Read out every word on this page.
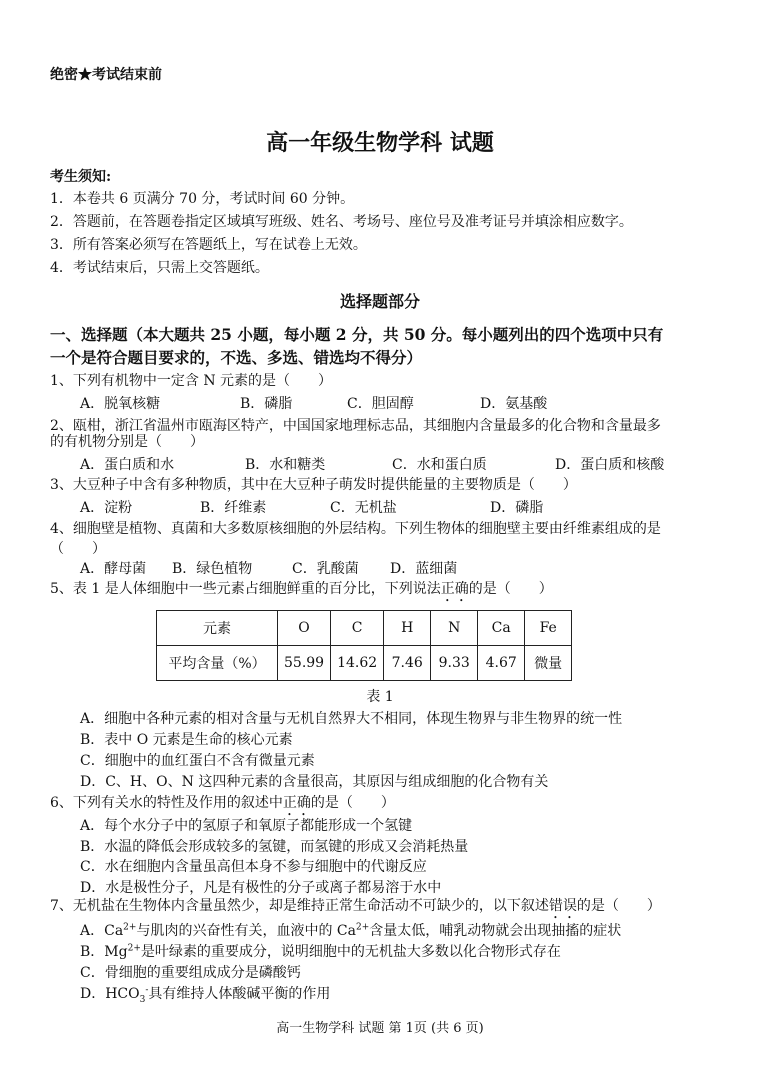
绝密★考试结束前
高一年级生物学科 试题
考生须知:
1．本卷共 6 页满分 70 分，考试时间 60 分钟。
2．答题前，在答题卷指定区域填写班级、姓名、考场号、座位号及准考证号并填涂相应数字。
3．所有答案必须写在答题纸上，写在试卷上无效。
4．考试结束后，只需上交答题纸。
选择题部分
一、选择题（本大题共 25 小题，每小题 2 分，共 50 分。每小题列出的四个选项中只有
一个是符合题目要求的，不选、多选、错选均不得分）
1、下列有机物中一定含 N 元素的是（　　）
A．脱氧核糖	B．磷脂	C．胆固醇	D．氨基酸
2、瓯柑，浙江省温州市瓯海区特产，中国国家地理标志品，其细胞内含量最多的化合物和含量最多
的有机物分别是（　　）
A．蛋白质和水	B．水和糖类	C．水和蛋白质	D．蛋白质和核酸
3、大豆种子中含有多种物质，其中在大豆种子萌发时提供能量的主要物质是（　　）
A．淀粉	B．纤维素	C．无机盐	D．磷脂
4、细胞壁是植物、真菌和大多数原核细胞的外层结构。下列生物体的细胞壁主要由纤维素组成的是
（　　）
A．酵母菌 B．绿色植物	C．乳酸菌 D．蓝细菌
5、表 1 是人体细胞中一些元素占细胞鲜重的百分比，下列说法正确的是（　　）
元素	O	C	H	N	Ca	Fe
平均含量（%）	55.99	14.62	7.46	9.33	4.67	微量
表 1
A．细胞中各种元素的相对含量与无机自然界大不相同，体现生物界与非生物界的统一性
B．表中 O 元素是生命的核心元素
C．细胞中的血红蛋白不含有微量元素
D．C、H、O、N 这四种元素的含量很高，其原因与组成细胞的化合物有关
6、下列有关水的特性及作用的叙述中正确的是（　　）
A．每个水分子中的氢原子和氧原子都能形成一个氢键
B．水温的降低会形成较多的氢键，而氢键的形成又会消耗热量
C．水在细胞内含量虽高但本身不参与细胞中的代谢反应
D．水是极性分子，凡是有极性的分子或离子都易溶于水中
7、无机盐在生物体内含量虽然少，却是维持正常生命活动不可缺少的，以下叙述错误的是（　　）
A．$Ca^{2+}$与肌肉的兴奋性有关，血液中的 $Ca^{2+}$含量太低，哺乳动物就会出现抽搐的症状
B．$Mg^{2+}$是叶绿素的重要成分，说明细胞中的无机盐大多数以化合物形式存在
C．骨细胞的重要组成成分是磷酸钙
D．$HCO_3^-$具有维持人体酸碱平衡的作用
高一生物学科 试题 第 1页 (共 6 页)
